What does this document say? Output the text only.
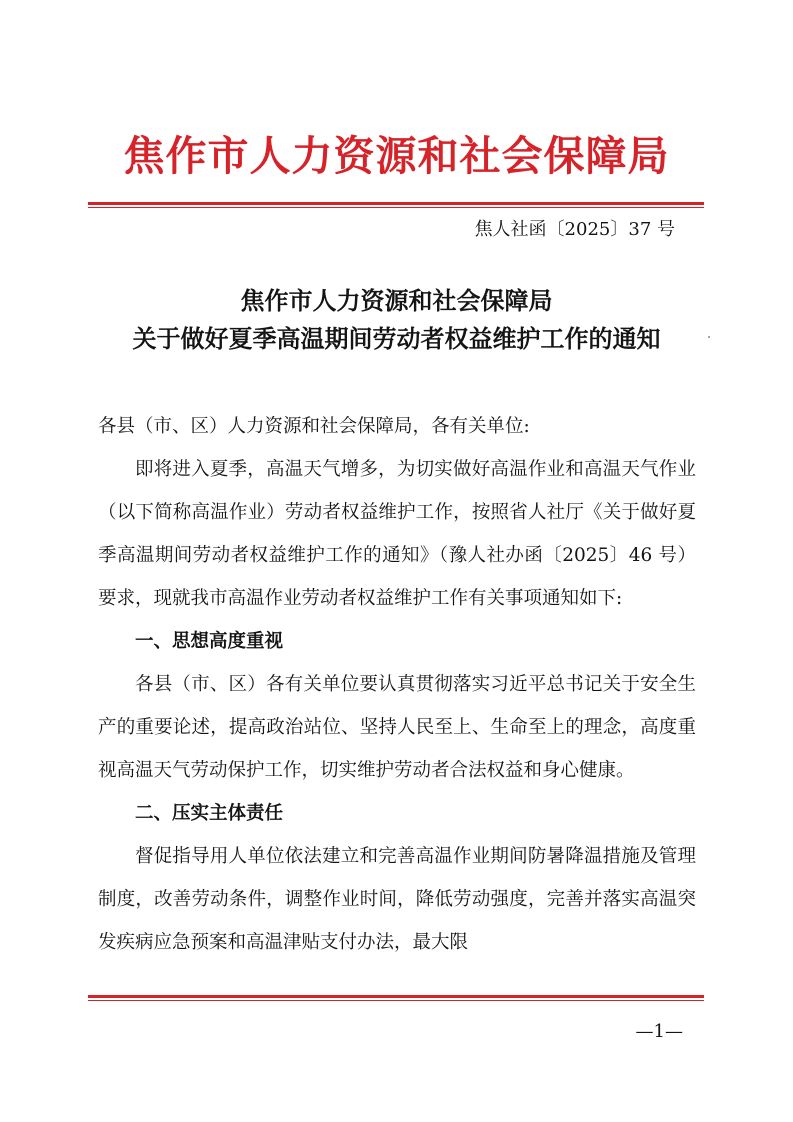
焦作市人力资源和社会保障局

焦人社函〔2025〕37 号

焦作市人力资源和社会保障局
关于做好夏季高温期间劳动者权益维护工作的通知

各县（市、区）人力资源和社会保障局，各有关单位:

即将进入夏季，高温天气增多，为切实做好高温作业和高温天气作业（以下简称高温作业）劳动者权益维护工作，按照省人社厅《关于做好夏季高温期间劳动者权益维护工作的通知》（豫人社办函〔2025〕46 号）要求，现就我市高温作业劳动者权益维护工作有关事项通知如下:

一、思想高度重视

各县（市、区）各有关单位要认真贯彻落实习近平总书记关于安全生产的重要论述，提高政治站位、坚持人民至上、生命至上的理念，高度重视高温天气劳动保护工作，切实维护劳动者合法权益和身心健康。

二、压实主体责任

督促指导用人单位依法建立和完善高温作业期间防暑降温措施及管理制度，改善劳动条件，调整作业时间，降低劳动强度，完善并落实高温突发疾病应急预案和高温津贴支付办法，最大限

—1—
